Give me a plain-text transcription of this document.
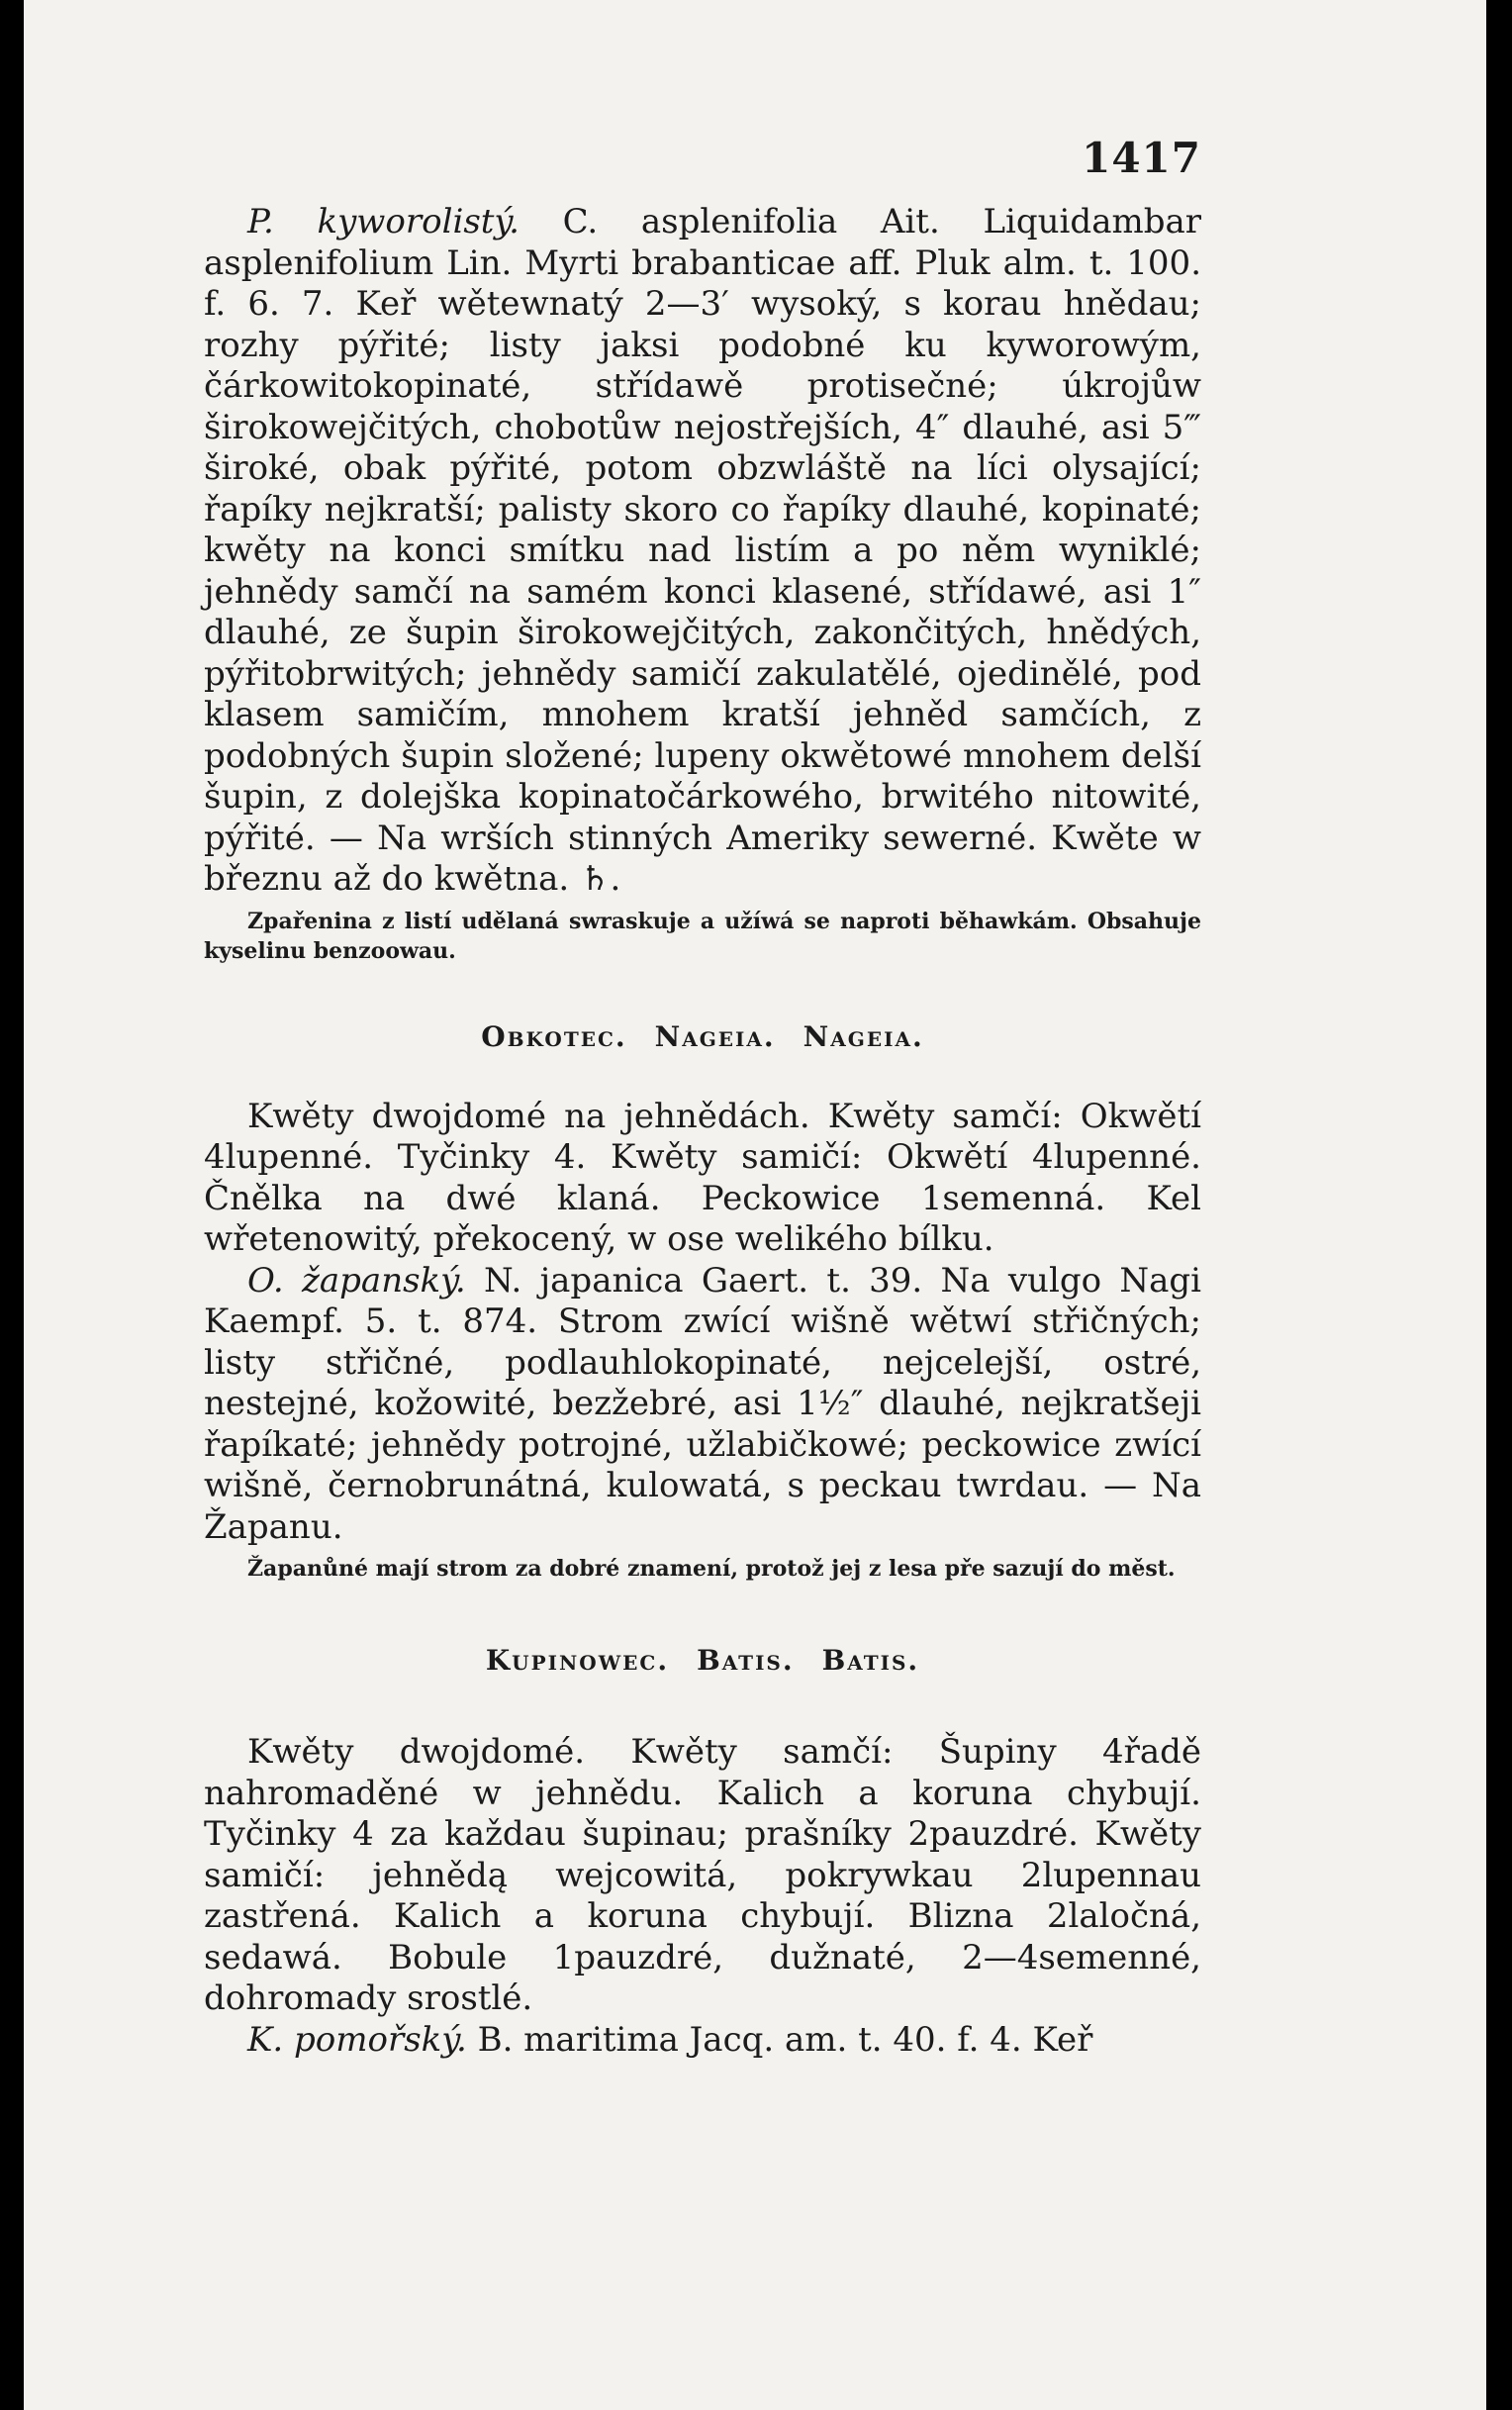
1417

P. kyworolistý. C. asplenifolia Ait. Liquidambar asplenifolium Lin. Myrti brabanticae aff. Pluk alm. t. 100. f. 6. 7. Keř wětewnatý 2—3′ wysoký, s korau hnědau; rozhy pýřité; listy jaksi podobné ku kyworowým, čárkowitokopinaté, střídawě protisečné; úkrojůw širokowejčitých, chobotůw nejostřejších, 4″ dlauhé, asi 5‴ široké, obak pýřité, potom obzwláště na líci olysající; řapíky nejkratší; palisty skoro co řapíky dlauhé, kopinaté; kwěty na konci smítku nad listím a po něm wyniklé; jehnědy samčí na samém konci klasené, střídawé, asi 1″ dlauhé, ze šupin širokowejčitých, zakončitých, hnědých, pýřitobrwitých; jehnědy samičí zakulatělé, ojedinělé, pod klasem samičím, mnohem kratší jehněd samčích, z podobných šupin složené; lupeny okwětowé mnohem delší šupin, z dolejška kopinatočárkowého, brwitého nitowité, pýřité. — Na wrších stinných Ameriky sewerné. Kwěte w březnu až do kwětna. ♄.

Zpařenina z listí udělaná swraskuje a užíwá se naproti běhawkám. Obsahuje kyselinu benzoowau.

Obkotec. Nageia. Nageia.

Kwěty dwojdomé na jehnědách. Kwěty samčí: Okwětí 4lupenné. Tyčinky 4. Kwěty samičí: Okwětí 4lupenné. Čnělka na dwé klaná. Peckowice 1semenná. Kel wřetenowitý, překocený, w ose welikého bílku.

O. žapanský. N. japanica Gaert. t. 39. Na vulgo Nagi Kaempf. 5. t. 874. Strom zwící wišně wětwí střičných; listy střičné, podlauhlokopinaté, nejcelejší, ostré, nestejné, kožowité, bezžebré, asi 1½″ dlauhé, nejkratšeji řapíkaté; jehnědy potrojné, užlabičkowé; peckowice zwící wišně, černobrunátná, kulowatá, s peckau twrdau. — Na Žapanu.

Žapanůné mají strom za dobré znamení, protož jej z lesa pře sazují do měst.

Kupinowec. Batis. Batis.

Kwěty dwojdomé. Kwěty samčí: Šupiny 4řadě nahromaděné w jehnědu. Kalich a koruna chybují. Tyčinky 4 za každau šupinau; prašníky 2pauzdré. Kwěty samičí: jehnědą wejcowitá, pokrywkau 2lupennau zastřená. Kalich a koruna chybují. Blizna 2laločná, sedawá. Bobule 1pauzdré, dužnaté, 2—4semenné, dohromady srostlé.

K. pomořský. B. maritima Jacq. am. t. 40. f. 4. Keř
